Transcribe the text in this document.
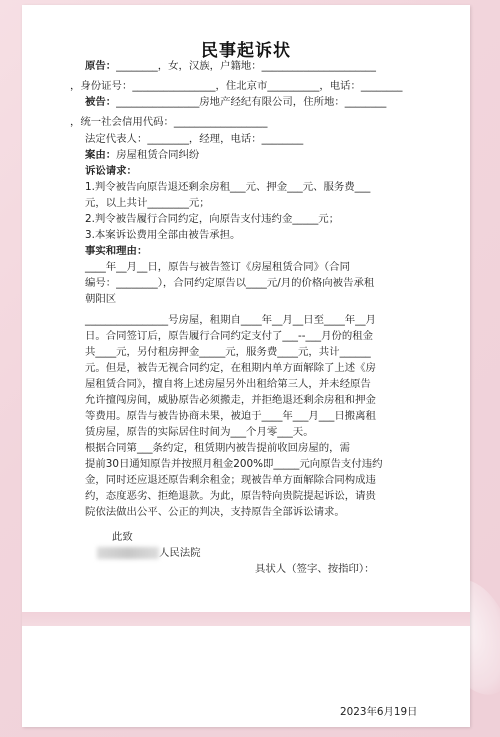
民事起诉状
原告：________，女，汉族，户籍地：______________________
，身份证号：________________，住北京市__________，电话：________
被告：________________房地产经纪有限公司，住所地：________
，统一社会信用代码：__________________
法定代表人：________，经理，电话：________
案由：房屋租赁合同纠纷
诉讼请求：
1.判令被告向原告退还剩余房租___元、押金___元、服务费___
元，以上共计________元；
2.判令被告履行合同约定，向原告支付违约金_____元；
3.本案诉讼费用全部由被告承担。
事实和理由：
____年__月__日，原告与被告签订《房屋租赁合同》（合同
编号：________），合同约定原告以____元/月的价格向被告承租
朝阳区
________________号房屋，租期自____年__月__日至____年__月
日。合同签订后，原告履行合同约定支付了___--___月份的租金
共____元，另付租房押金_____元，服务费____元，共计______
元。但是，被告无视合同约定，在租期内单方面解除了上述《房
屋租赁合同》，擅自将上述房屋另外出租给第三人，并未经原告
允许擅闯房间，威胁原告必须搬走，并拒绝退还剩余房租和押金
等费用。原告与被告协商未果，被迫于____年___月___日搬离租
赁房屋，原告的实际居住时间为___个月零___天。
根据合同第___条约定，租赁期内被告提前收回房屋的，需
提前30日通知原告并按照月租金200%即_____元向原告支付违约
金，同时还应退还原告剩余租金；现被告单方面解除合同构成违
约，态度恶劣、拒绝退款。为此，原告特向贵院提起诉讼，请贵
院依法做出公平、公正的判决，支持原告全部诉讼请求。
此致
人民法院
具状人（签字、按指印）：
2023年6月19日
